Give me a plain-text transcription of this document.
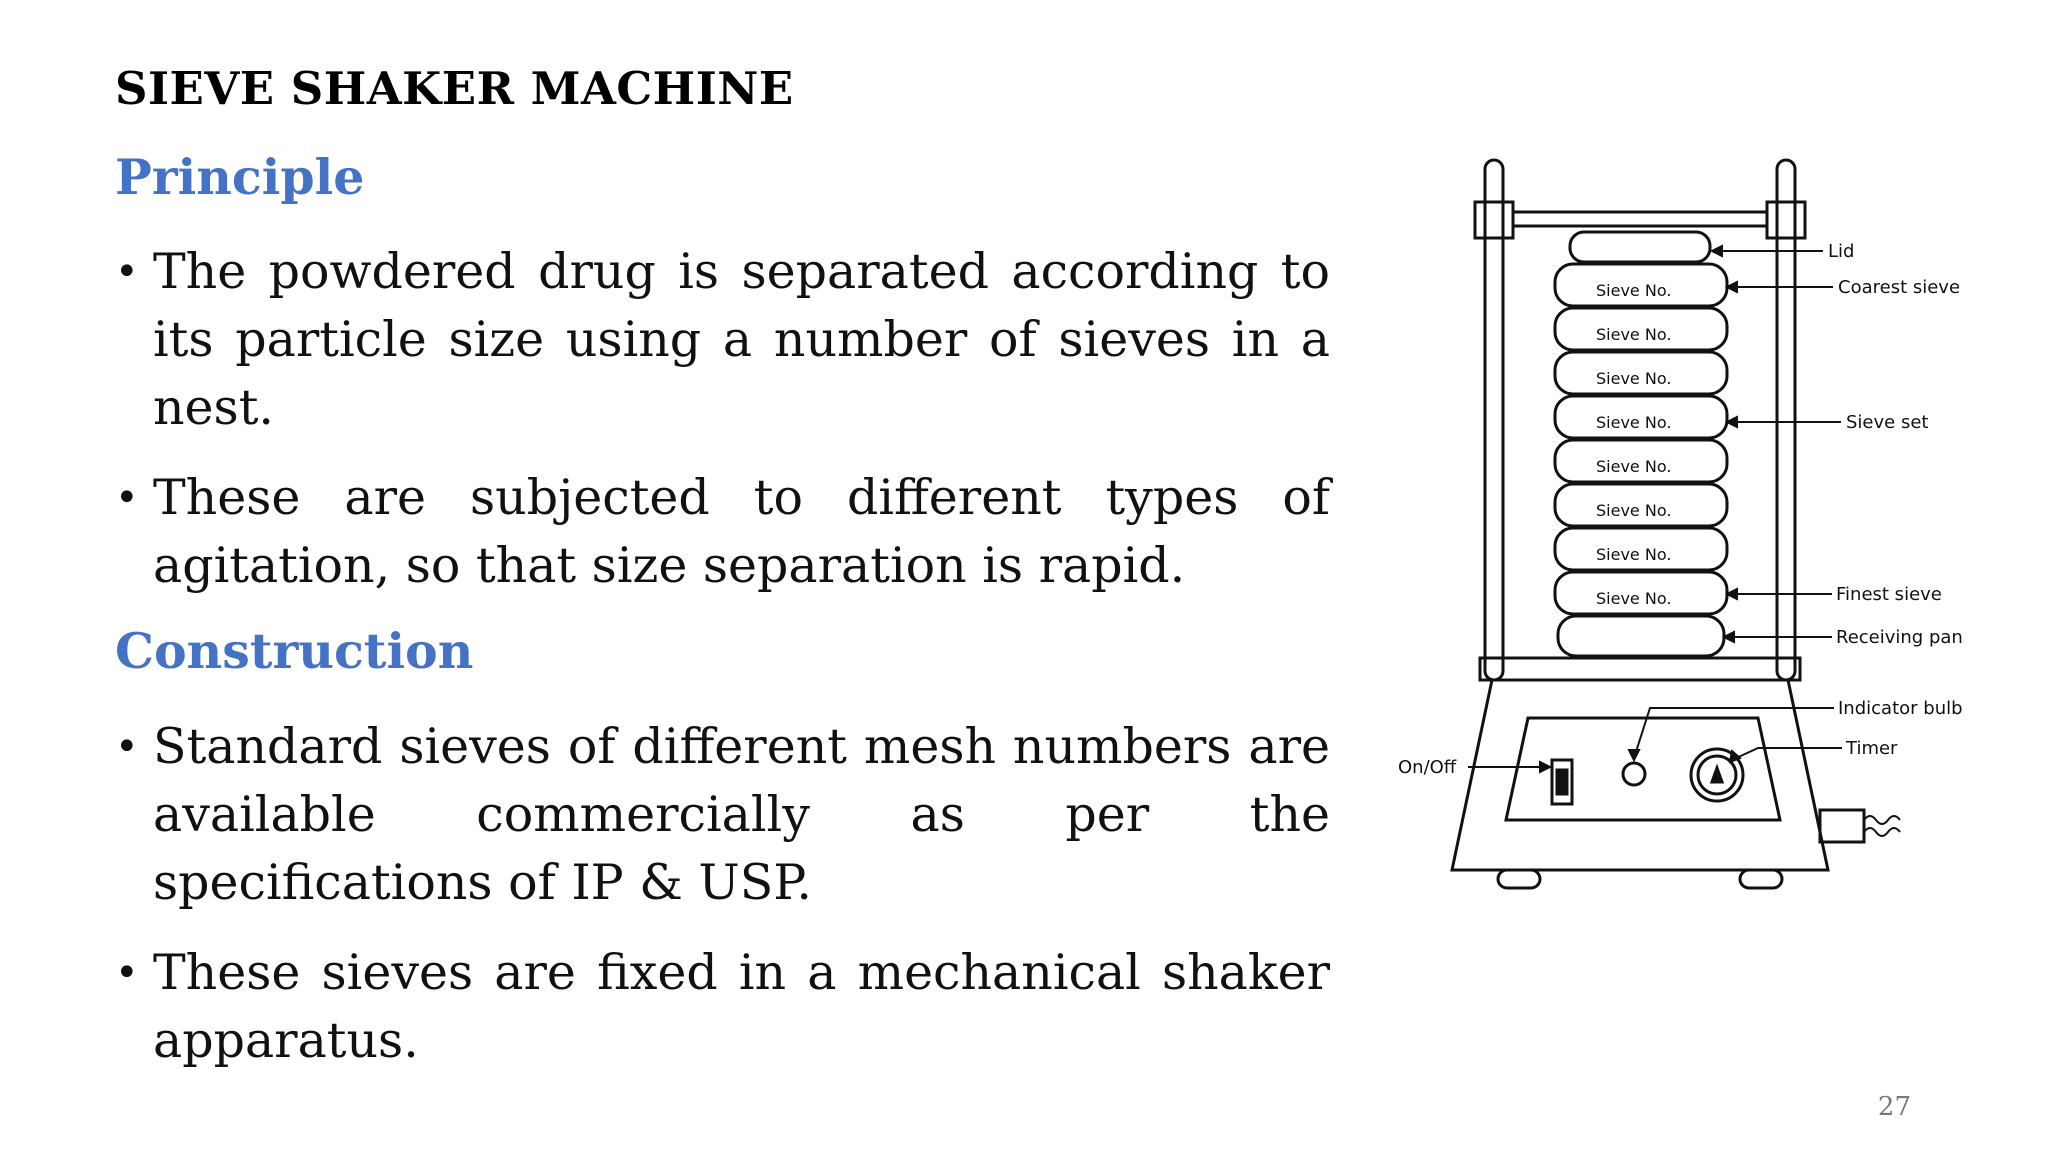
SIEVE SHAKER MACHINE
Principle
• The powdered drug is separated according to its particle size using a number of sieves in a nest.
• These are subjected to different types of agitation, so that size separation is rapid.
Construction
• Standard sieves of different mesh numbers are available commercially as per the specifications of IP & USP.
• These sieves are fixed in a mechanical shaker apparatus.
27
Sieve No.
Sieve No.
Sieve No.
Sieve No.
Sieve No.
Sieve No.
Sieve No.
Sieve No.
Lid
Coarest sieve
Sieve set
Finest sieve
Receiving pan
Indicator bulb
Timer
On/Off
